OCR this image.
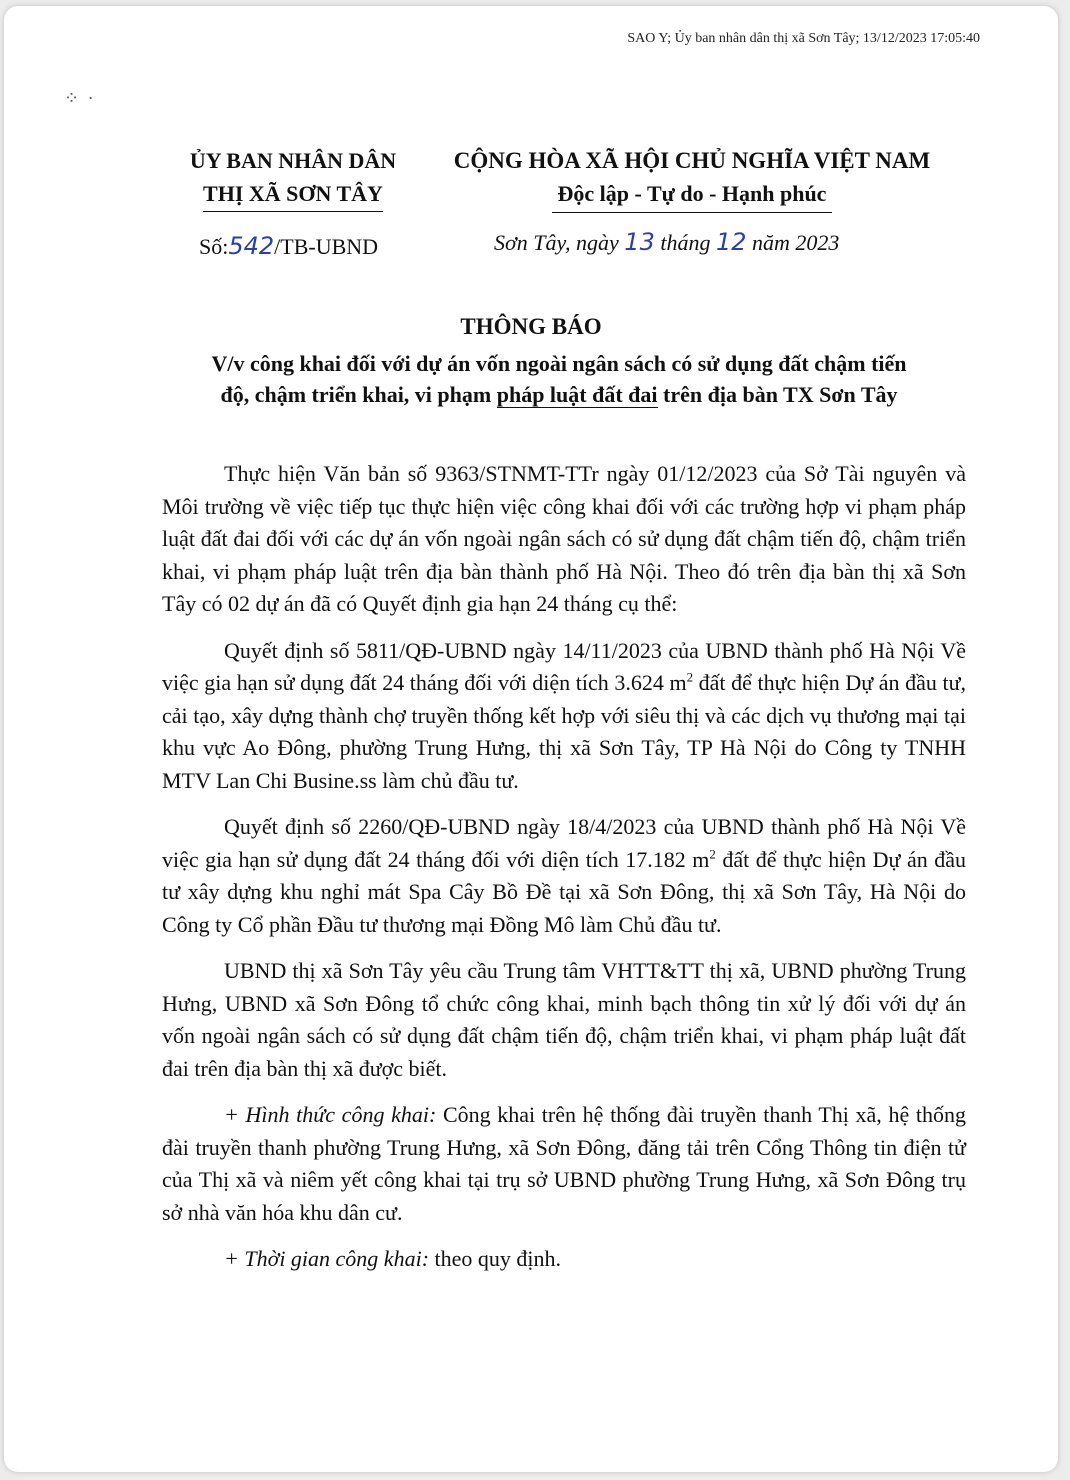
SAO Y; Ủy ban nhân dân thị xã Sơn Tây; 13/12/2023 17:05:40
⁘ ·
ỦY BAN NHÂN DÂN
THỊ XÃ SƠN TÂY
CỘNG HÒA XÃ HỘI CHỦ NGHĨA VIỆT NAM
Độc lập - Tự do - Hạnh phúc
Số:542/TB-UBND	Sơn Tây, ngày 13 tháng 12 năm 2023
THÔNG BÁO
V/v công khai đối với dự án vốn ngoài ngân sách có sử dụng đất chậm tiến
độ, chậm triển khai, vi phạm pháp luật đất đai trên địa bàn TX Sơn Tây

Thực hiện Văn bản số 9363/STNMT-TTr ngày 01/12/2023 của Sở Tài nguyên và Môi trường về việc tiếp tục thực hiện việc công khai đối với các trường hợp vi phạm pháp luật đất đai đối với các dự án vốn ngoài ngân sách có sử dụng đất chậm tiến độ, chậm triển khai, vi phạm pháp luật trên địa bàn thành phố Hà Nội. Theo đó trên địa bàn thị xã Sơn Tây có 02 dự án đã có Quyết định gia hạn 24 tháng cụ thể:

Quyết định số 5811/QĐ-UBND ngày 14/11/2023 của UBND thành phố Hà Nội Về việc gia hạn sử dụng đất 24 tháng đối với diện tích 3.624 $m^2$ đất để thực hiện Dự án đầu tư, cải tạo, xây dựng thành chợ truyền thống kết hợp với siêu thị và các dịch vụ thương mại tại khu vực Ao Đông, phường Trung Hưng, thị xã Sơn Tây, TP Hà Nội do Công ty TNHH MTV Lan Chi Busine.ss làm chủ đầu tư.

Quyết định số 2260/QĐ-UBND ngày 18/4/2023 của UBND thành phố Hà Nội Về việc gia hạn sử dụng đất 24 tháng đối với diện tích 17.182 $m^2$ đất để thực hiện Dự án đầu tư xây dựng khu nghỉ mát Spa Cây Bồ Đề tại xã Sơn Đông, thị xã Sơn Tây, Hà Nội do Công ty Cổ phần Đầu tư thương mại Đồng Mô làm Chủ đầu tư.

UBND thị xã Sơn Tây yêu cầu Trung tâm VHTT&TT thị xã, UBND phường Trung Hưng, UBND xã Sơn Đông tổ chức công khai, minh bạch thông tin xử lý đối với dự án vốn ngoài ngân sách có sử dụng đất chậm tiến độ, chậm triển khai, vi phạm pháp luật đất đai trên địa bàn thị xã được biết.

+ Hình thức công khai: Công khai trên hệ thống đài truyền thanh Thị xã, hệ thống đài truyền thanh phường Trung Hưng, xã Sơn Đông, đăng tải trên Cổng Thông tin điện tử của Thị xã và niêm yết công khai tại trụ sở UBND phường Trung Hưng, xã Sơn Đông trụ sở nhà văn hóa khu dân cư.

+ Thời gian công khai: theo quy định.
